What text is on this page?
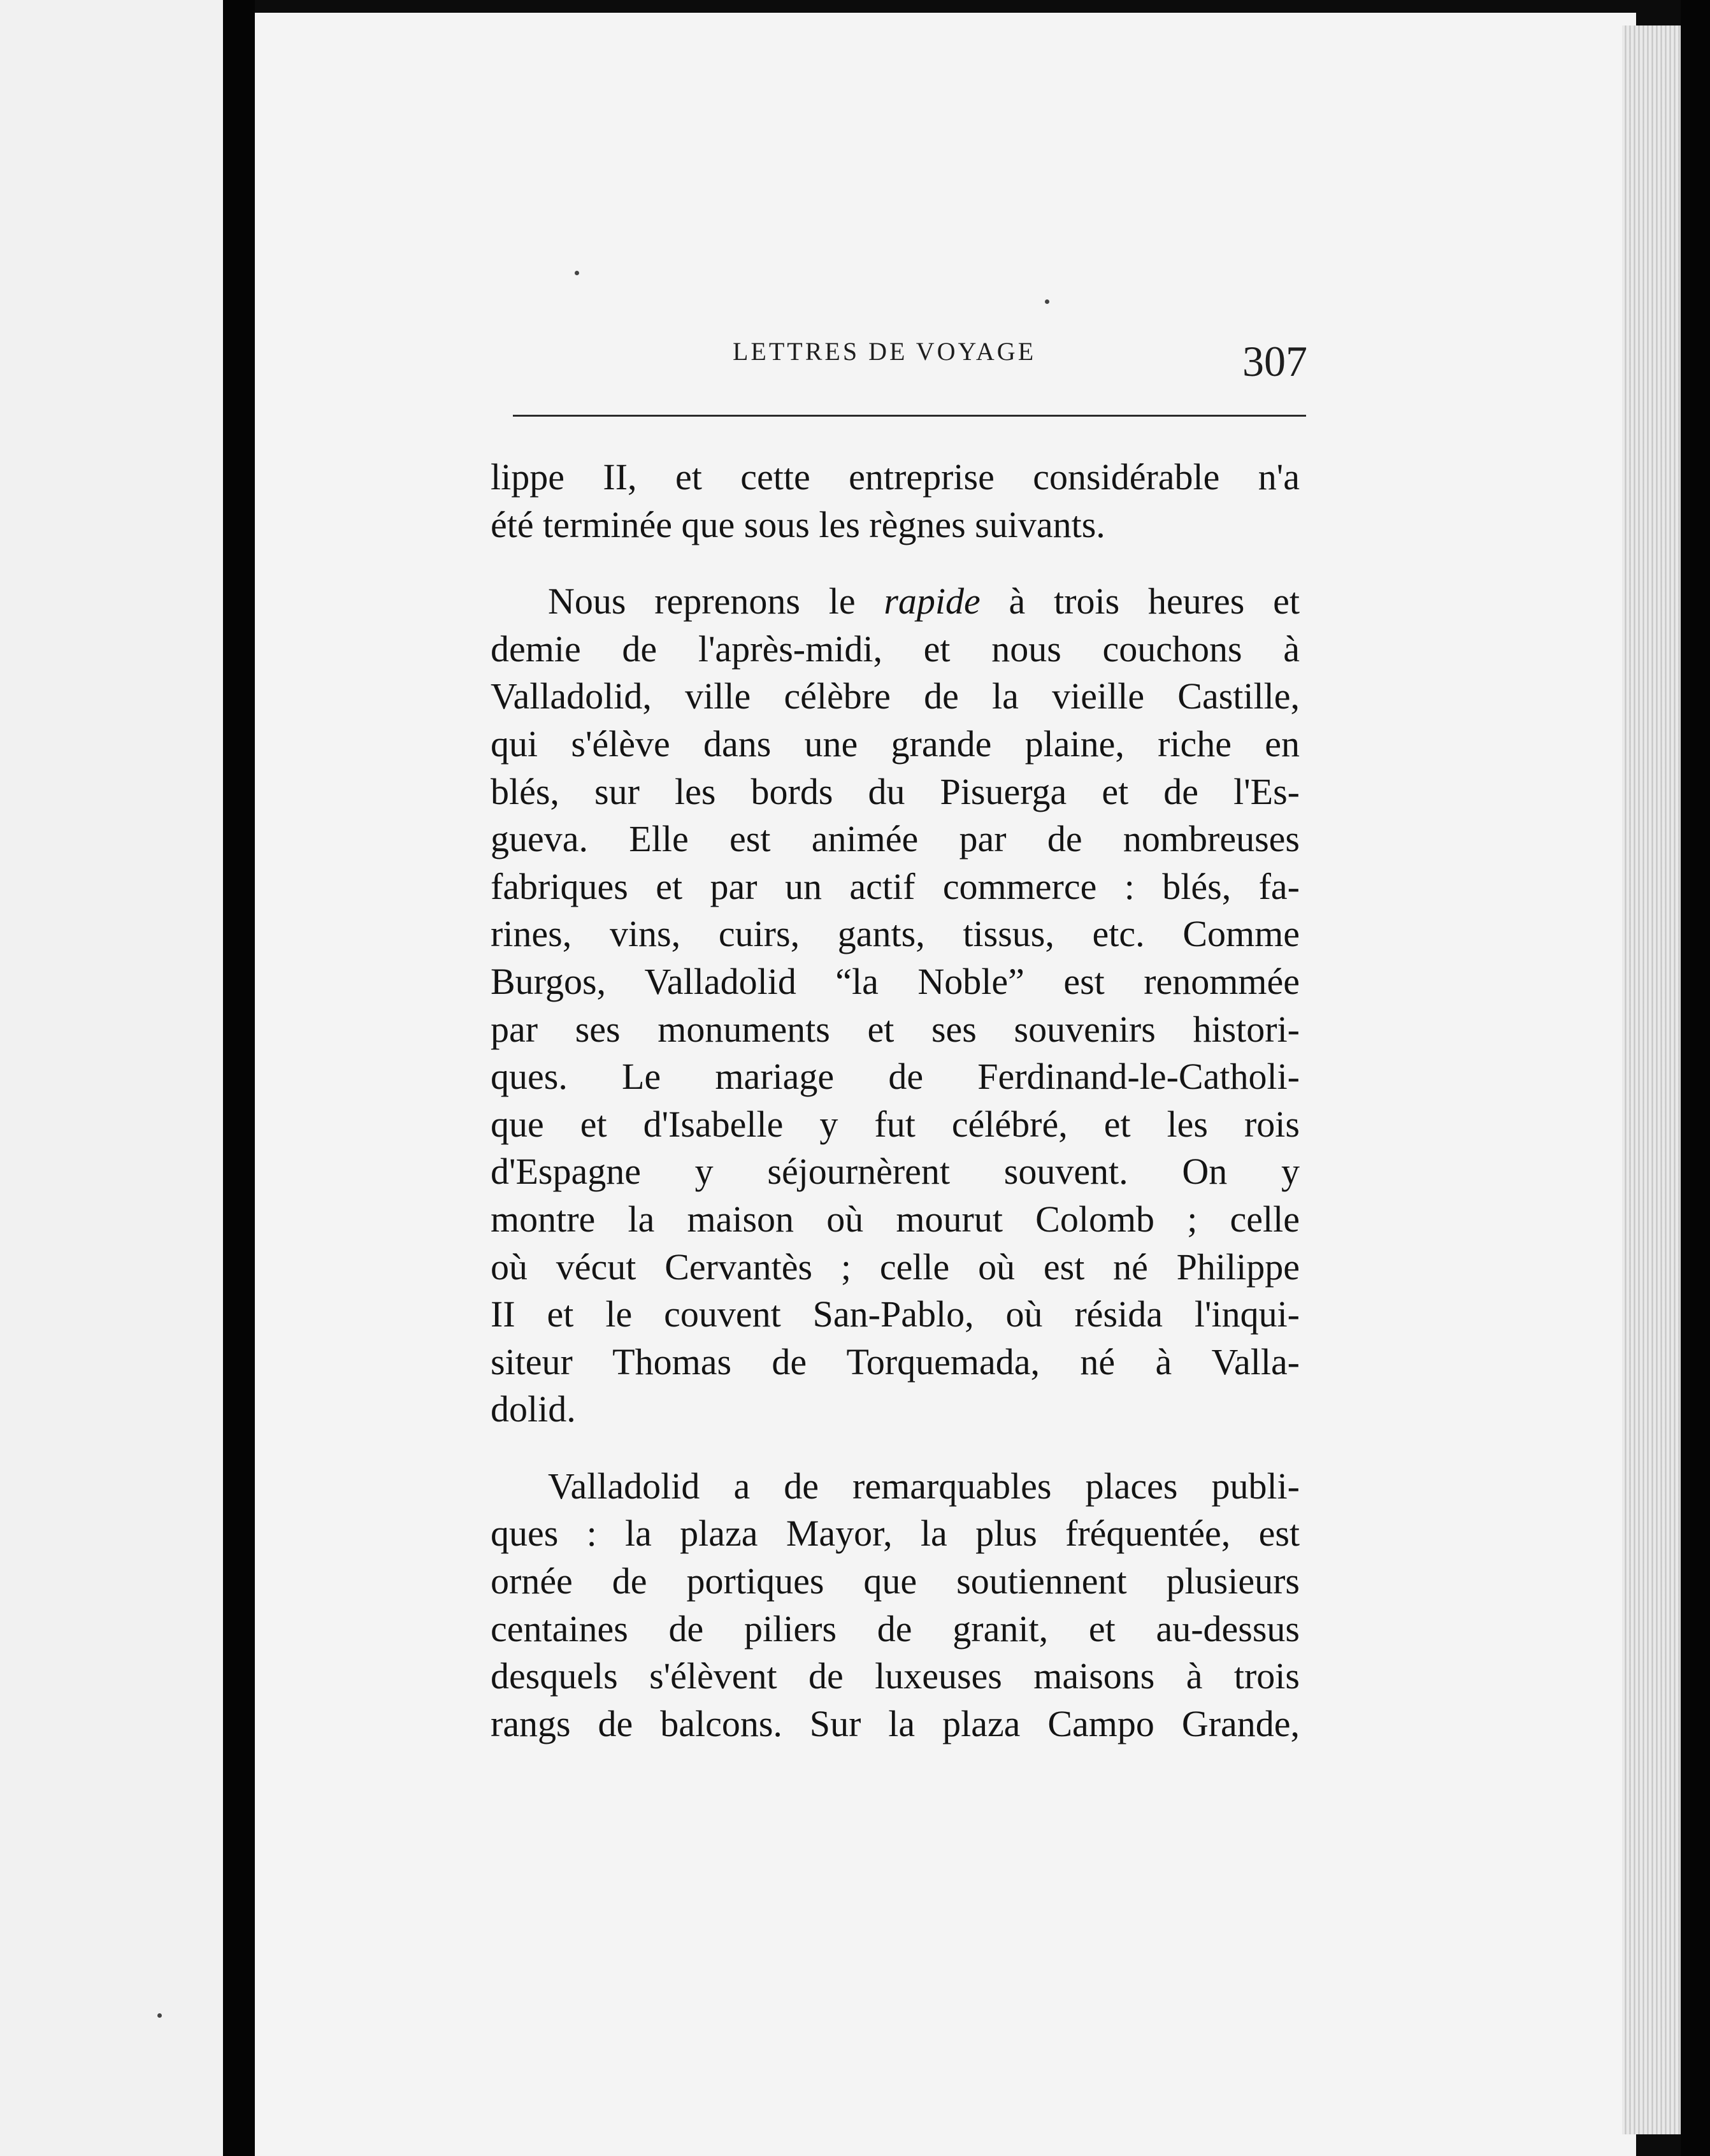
LETTRES DE VOYAGE	307
lippe II, et cette entreprise considérable n'a
été terminée que sous les règnes suivants.
Nous reprenons le rapide à trois heures et
demie de l'après-midi, et nous couchons à
Valladolid, ville célèbre de la vieille Castille,
qui s'élève dans une grande plaine, riche en
blés, sur les bords du Pisuerga et de l'Es-
gueva. Elle est animée par de nombreuses
fabriques et par un actif commerce : blés, fa-
rines, vins, cuirs, gants, tissus, etc. Comme
Burgos, Valladolid “la Noble” est renommée
par ses monuments et ses souvenirs histori-
ques. Le mariage de Ferdinand-le-Catholi-
que et d'Isabelle y fut célébré, et les rois
d'Espagne y séjournèrent souvent. On y
montre la maison où mourut Colomb ; celle
où vécut Cervantès ; celle où est né Philippe
II et le couvent San-Pablo, où résida l'inqui-
siteur Thomas de Torquemada, né à Valla-
dolid.
Valladolid a de remarquables places publi-
ques : la plaza Mayor, la plus fréquentée, est
ornée de portiques que soutiennent plusieurs
centaines de piliers de granit, et au-dessus
desquels s'élèvent de luxeuses maisons à trois
rangs de balcons. Sur la plaza Campo Grande,
